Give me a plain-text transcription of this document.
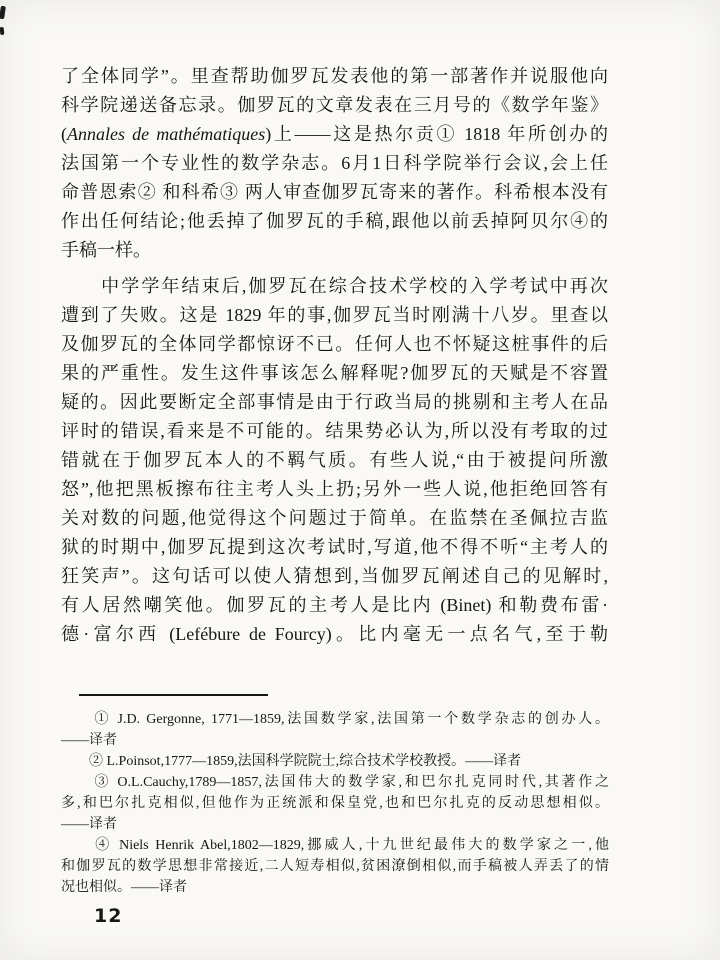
了全体同学”。里查帮助伽罗瓦发表他的第一部著作并说服他向
科学院递送备忘录。伽罗瓦的文章发表在三月号的《数学年鉴》
(Annales de mathématiques)上——这是热尔贡① 1818 年所创办的
法国第一个专业性的数学杂志。6月1日科学院举行会议,会上任
命普恩索② 和科希③ 两人审查伽罗瓦寄来的著作。科希根本没有
作出任何结论;他丢掉了伽罗瓦的手稿,跟他以前丢掉阿贝尔④的
手稿一样。
　　中学学年结束后,伽罗瓦在综合技术学校的入学考试中再次
遭到了失败。这是 1829 年的事,伽罗瓦当时刚满十八岁。里查以
及伽罗瓦的全体同学都惊讶不已。任何人也不怀疑这桩事件的后
果的严重性。发生这件事该怎么解释呢?伽罗瓦的天赋是不容置
疑的。因此要断定全部事情是由于行政当局的挑剔和主考人在品
评时的错误,看来是不可能的。结果势必认为,所以没有考取的过
错就在于伽罗瓦本人的不羁气质。有些人说,“由于被提问所激
怒”,他把黑板擦布往主考人头上扔;另外一些人说,他拒绝回答有
关对数的问题,他觉得这个问题过于简单。在监禁在圣佩拉吉监
狱的时期中,伽罗瓦提到这次考试时,写道,他不得不听“主考人的
狂笑声”。这句话可以使人猜想到,当伽罗瓦阐述自己的见解时,
有人居然嘲笑他。伽罗瓦的主考人是比内 (Binet) 和勒费布雷·
德·富尔西 (Lefébure de Fourcy)。比内毫无一点名气,至于勒
　　① J.D. Gergonne, 1771—1859,法国数学家,法国第一个数学杂志的创办人。
——译者
　　② L.Poinsot,1777—1859,法国科学院院士,综合技术学校教授。——译者
　　③ O.L.Cauchy,1789—1857,法国伟大的数学家,和巴尔扎克同时代,其著作之
多,和巴尔扎克相似,但他作为正统派和保皇党,也和巴尔扎克的反动思想相似。
——译者
　　④ Niels Henrik Abel,1802—1829,挪威人,十九世纪最伟大的数学家之一,他
和伽罗瓦的数学思想非常接近,二人短寿相似,贫困潦倒相似,而手稿被人弄丢了的情
况也相似。——译者
12
